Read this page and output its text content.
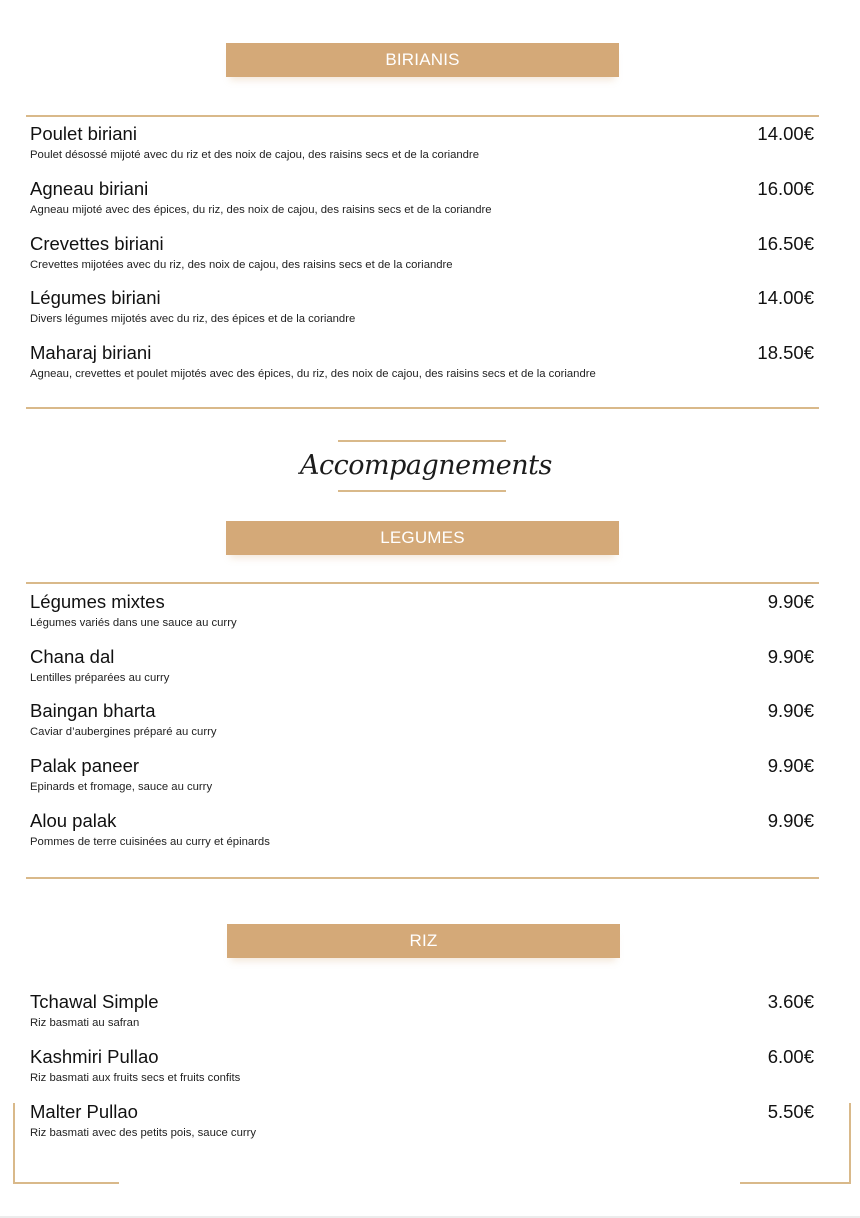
BIRIANIS
Poulet biriani	14.00€
Poulet désossé mijoté avec du riz et des noix de cajou, des raisins secs et de la coriandre
Agneau biriani	16.00€
Agneau mijoté avec des épices, du riz, des noix de cajou, des raisins secs et de la coriandre
Crevettes biriani	16.50€
Crevettes mijotées avec du riz, des noix de cajou, des raisins secs et de la coriandre
Légumes biriani	14.00€
Divers légumes mijotés avec du riz, des épices et de la coriandre
Maharaj biriani	18.50€
Agneau, crevettes et poulet mijotés avec des épices, du riz, des noix de cajou, des raisins secs et de la coriandre
Accompagnements
LEGUMES
Légumes mixtes	9.90€
Légumes variés dans une sauce au curry
Chana dal	9.90€
Lentilles préparées au curry
Baingan bharta	9.90€
Caviar d’aubergines préparé au curry
Palak paneer	9.90€
Epinards et fromage, sauce au curry
Alou palak	9.90€
Pommes de terre cuisinées au curry et épinards
RIZ
Tchawal Simple	3.60€
Riz basmati au safran
Kashmiri Pullao	6.00€
Riz basmati aux fruits secs et fruits confits
Malter Pullao	5.50€
Riz basmati avec des petits pois, sauce curry
